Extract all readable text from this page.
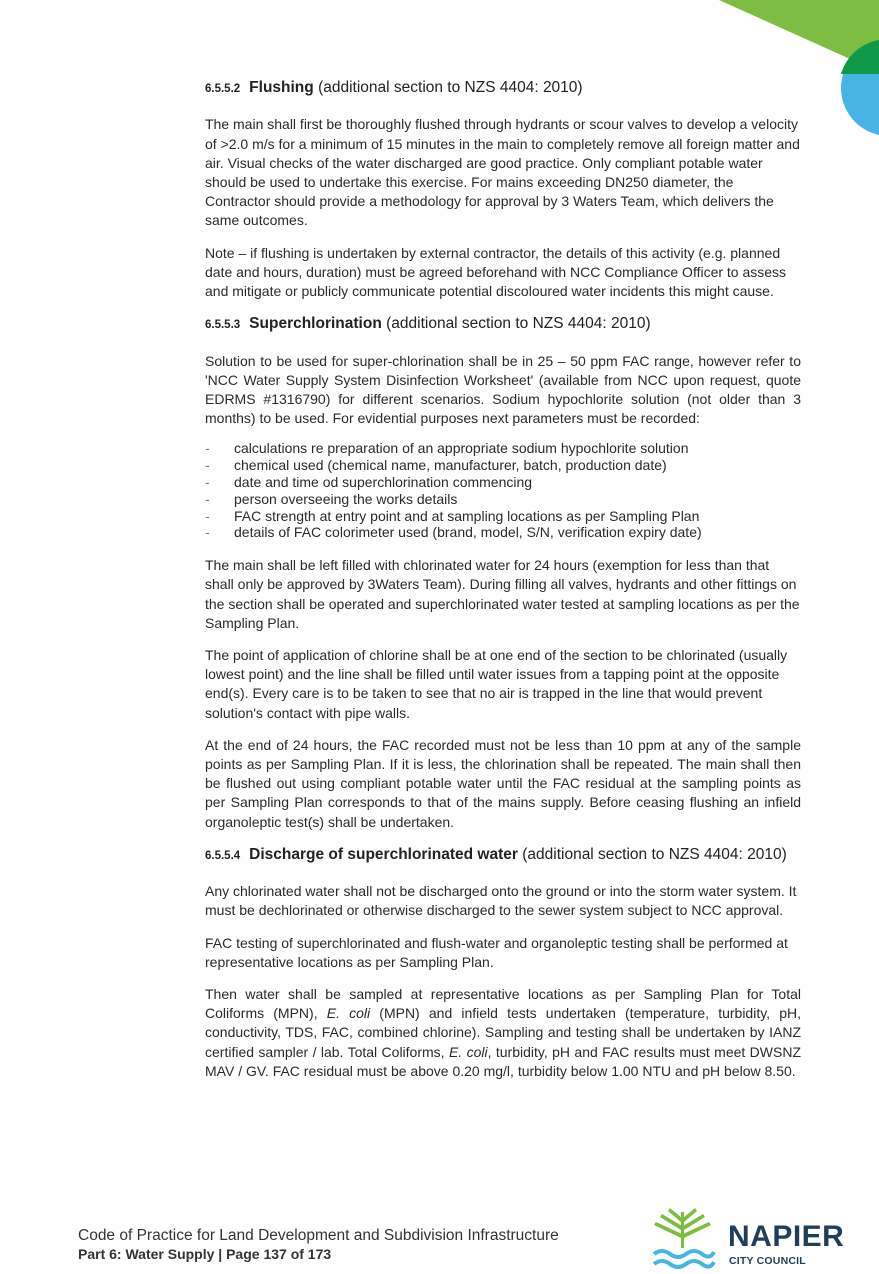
6.5.5.2 Flushing (additional section to NZS 4404: 2010)

The main shall first be thoroughly flushed through hydrants or scour valves to develop a velocity of >2.0 m/s for a minimum of 15 minutes in the main to completely remove all foreign matter and air. Visual checks of the water discharged are good practice. Only compliant potable water should be used to undertake this exercise. For mains exceeding DN250 diameter, the Contractor should provide a methodology for approval by 3 Waters Team, which delivers the same outcomes.

Note – if flushing is undertaken by external contractor, the details of this activity (e.g. planned date and hours, duration) must be agreed beforehand with NCC Compliance Officer to assess and mitigate or publicly communicate potential discoloured water incidents this might cause.

6.5.5.3 Superchlorination (additional section to NZS 4404: 2010)

Solution to be used for super-chlorination shall be in 25 – 50 ppm FAC range, however refer to 'NCC Water Supply System Disinfection Worksheet' (available from NCC upon request, quote EDRMS #1316790) for different scenarios. Sodium hypochlorite solution (not older than 3 months) to be used. For evidential purposes next parameters must be recorded:

- calculations re preparation of an appropriate sodium hypochlorite solution
- chemical used (chemical name, manufacturer, batch, production date)
- date and time od superchlorination commencing
- person overseeing the works details
- FAC strength at entry point and at sampling locations as per Sampling Plan
- details of FAC colorimeter used (brand, model, S/N, verification expiry date)

The main shall be left filled with chlorinated water for 24 hours (exemption for less than that shall only be approved by 3Waters Team). During filling all valves, hydrants and other fittings on the section shall be operated and superchlorinated water tested at sampling locations as per the Sampling Plan.

The point of application of chlorine shall be at one end of the section to be chlorinated (usually lowest point) and the line shall be filled until water issues from a tapping point at the opposite end(s). Every care is to be taken to see that no air is trapped in the line that would prevent solution's contact with pipe walls.

At the end of 24 hours, the FAC recorded must not be less than 10 ppm at any of the sample points as per Sampling Plan. If it is less, the chlorination shall be repeated. The main shall then be flushed out using compliant potable water until the FAC residual at the sampling points as per Sampling Plan corresponds to that of the mains supply. Before ceasing flushing an infield organoleptic test(s) shall be undertaken.

6.5.5.4 Discharge of superchlorinated water (additional section to NZS 4404: 2010)

Any chlorinated water shall not be discharged onto the ground or into the storm water system. It must be dechlorinated or otherwise discharged to the sewer system subject to NCC approval.

FAC testing of superchlorinated and flush-water and organoleptic testing shall be performed at representative locations as per Sampling Plan.

Then water shall be sampled at representative locations as per Sampling Plan for Total Coliforms (MPN), E. coli (MPN) and infield tests undertaken (temperature, turbidity, pH, conductivity, TDS, FAC, combined chlorine). Sampling and testing shall be undertaken by IANZ certified sampler / lab. Total Coliforms, E. coli, turbidity, pH and FAC results must meet DWSNZ MAV / GV. FAC residual must be above 0.20 mg/l, turbidity below 1.00 NTU and pH below 8.50.

Code of Practice for Land Development and Subdivision Infrastructure
Part 6: Water Supply | Page 137 of 173
NAPIER
CITY COUNCIL
